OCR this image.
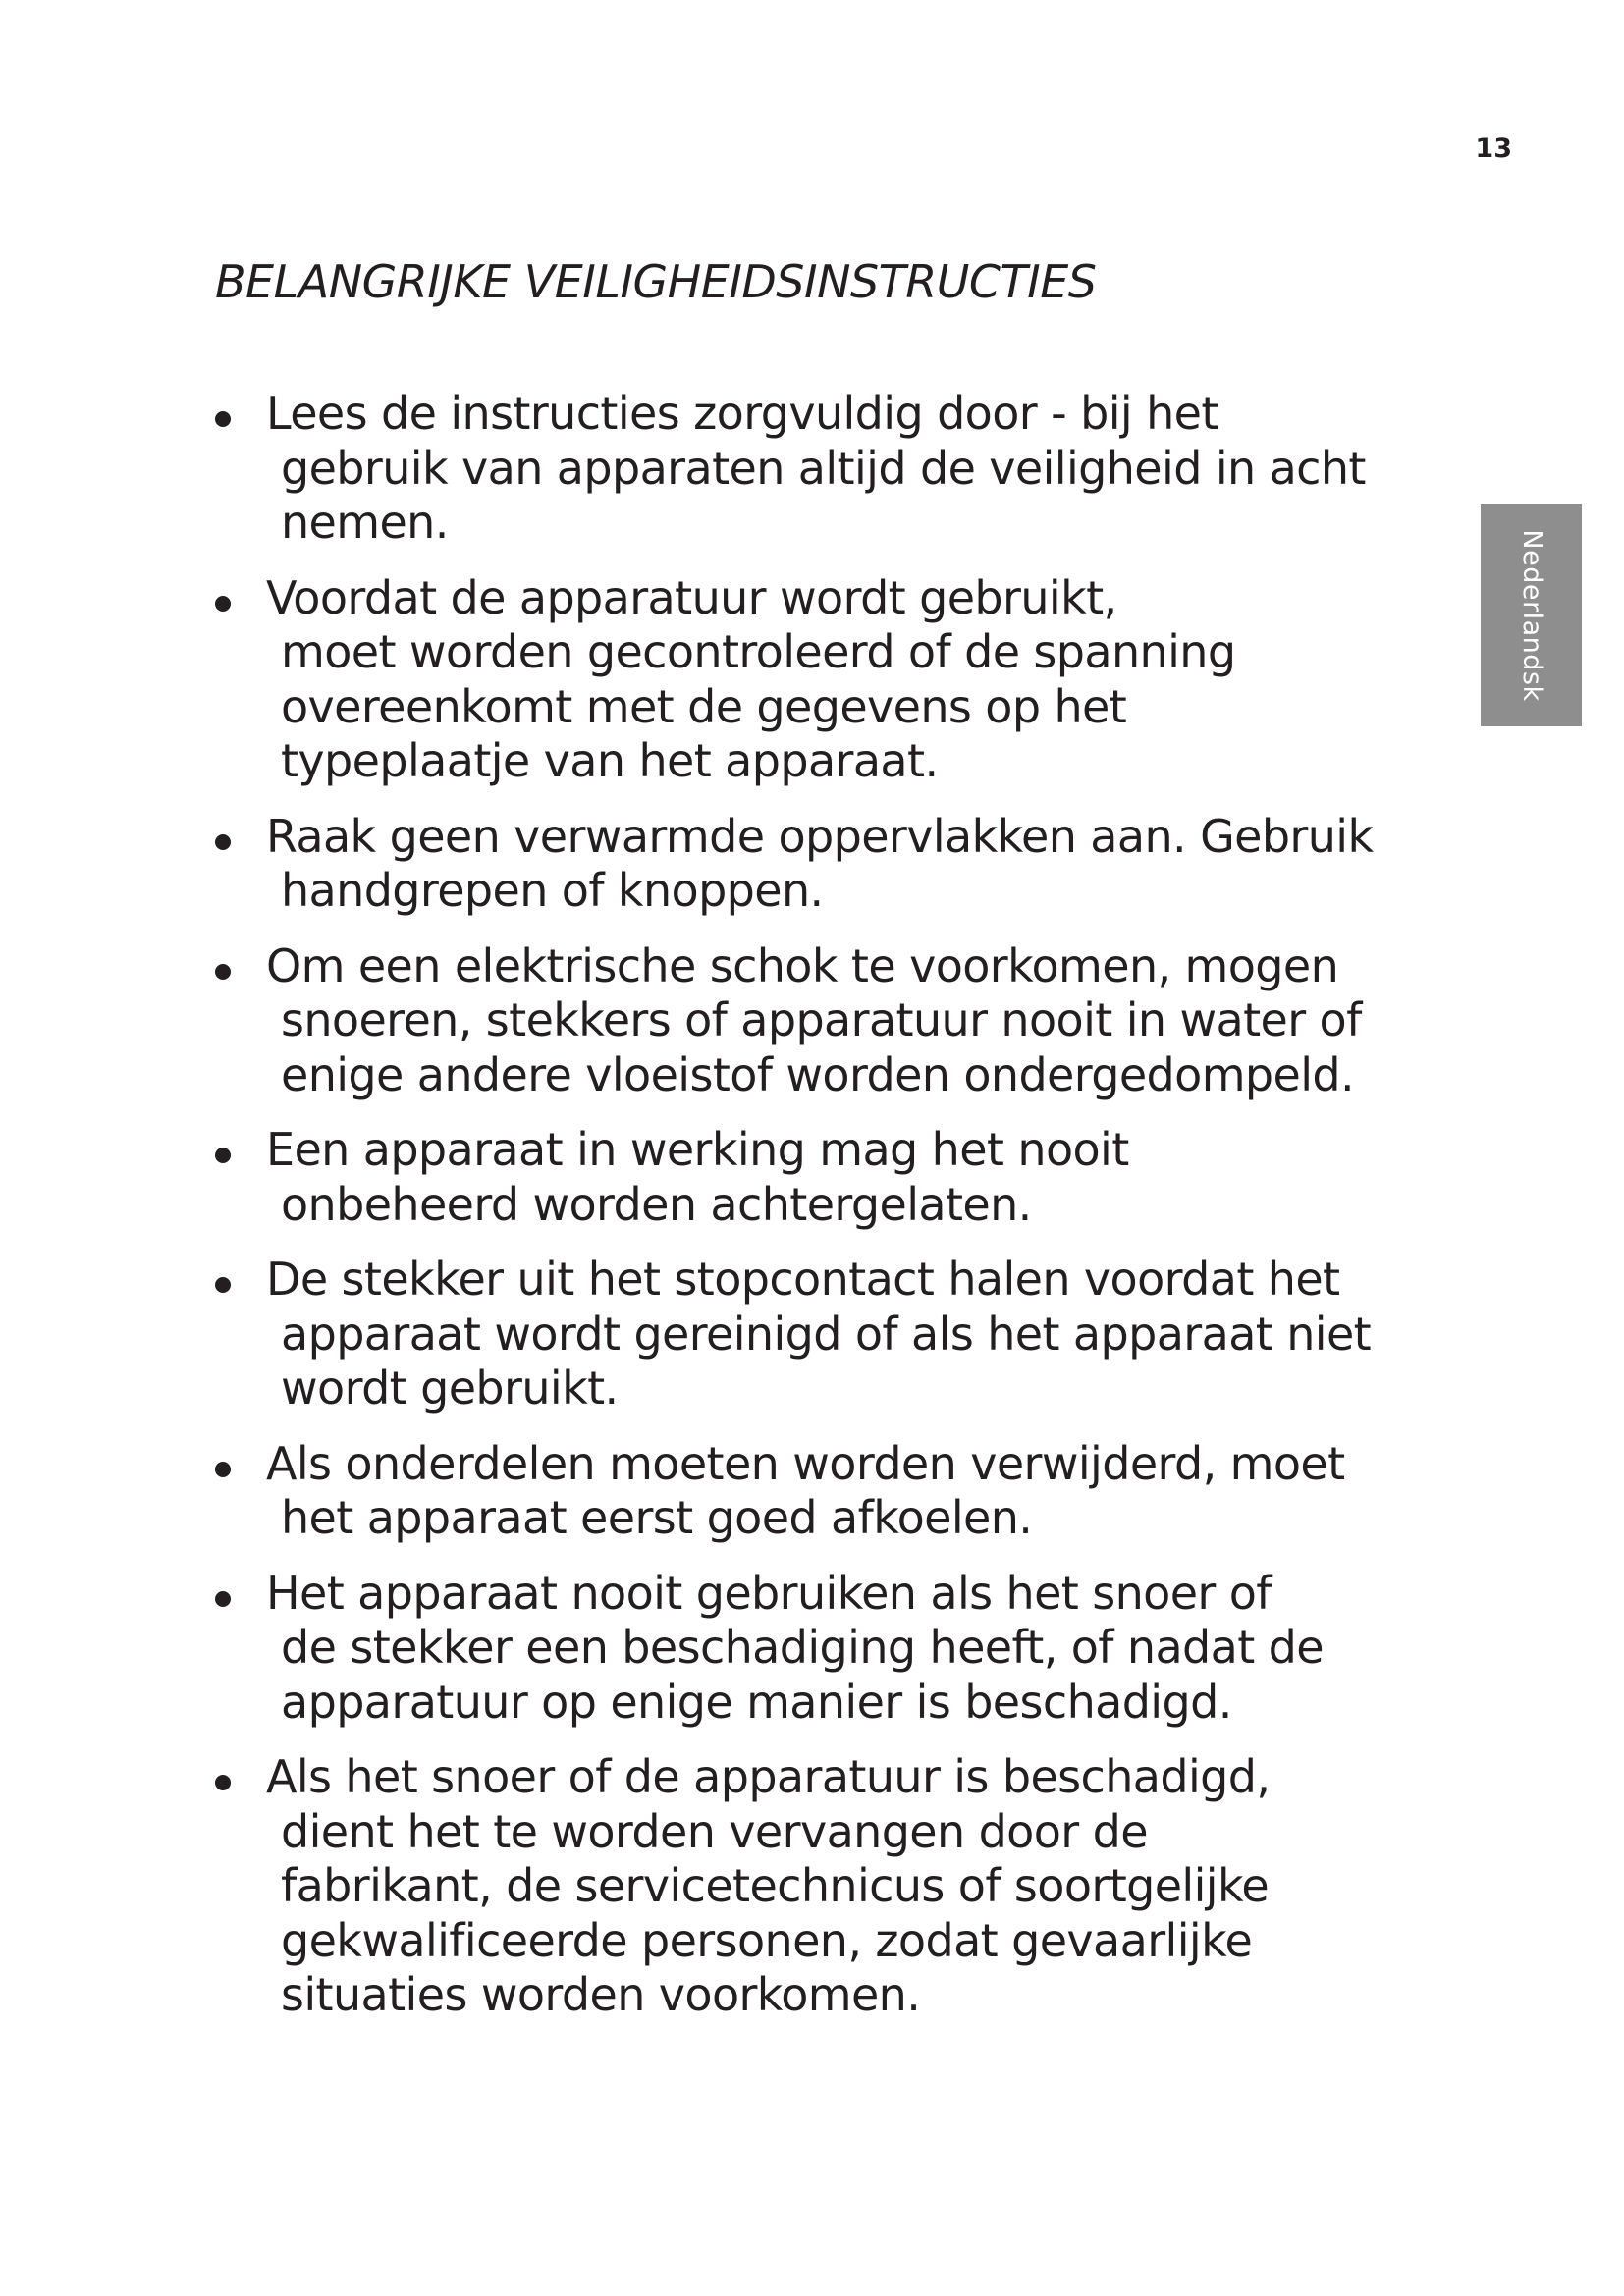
13
Nederlandsk
BELANGRIJKE VEILIGHEIDSINSTRUCTIES
Lees de instructies zorgvuldig door - bij het
gebruik van apparaten altijd de veiligheid in acht
nemen.
Voordat de apparatuur wordt gebruikt,
moet worden gecontroleerd of de spanning
overeenkomt met de gegevens op het
typeplaatje van het apparaat.
Raak geen verwarmde oppervlakken aan. Gebruik
handgrepen of knoppen.
Om een elektrische schok te voorkomen, mogen
snoeren, stekkers of apparatuur nooit in water of
enige andere vloeistof worden ondergedompeld.
Een apparaat in werking mag het nooit
onbeheerd worden achtergelaten.
De stekker uit het stopcontact halen voordat het
apparaat wordt gereinigd of als het apparaat niet
wordt gebruikt.
Als onderdelen moeten worden verwijderd, moet
het apparaat eerst goed afkoelen.
Het apparaat nooit gebruiken als het snoer of
de stekker een beschadiging heeft, of nadat de
apparatuur op enige manier is beschadigd.
Als het snoer of de apparatuur is beschadigd,
dient het te worden vervangen door de
fabrikant, de servicetechnicus of soortgelijke
gekwalificeerde personen, zodat gevaarlijke
situaties worden voorkomen.
